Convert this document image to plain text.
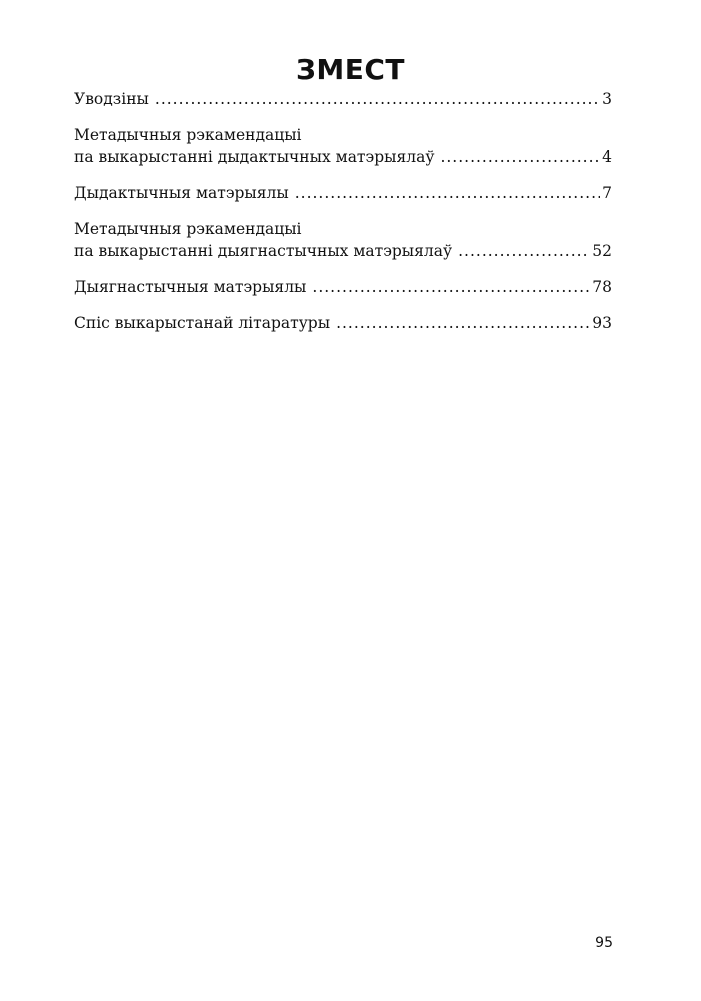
ЗМЕСТ
Уводзіны .....	3
Метадычныя рэкамендацыі
па выкарыстанні дыдактычных матэрыялаў .....	4
Дыдактычныя матэрыялы .....	7
Метадычныя рэкамендацыі
па выкарыстанні дыягнастычных матэрыялаў .....	52
Дыягнастычныя матэрыялы .....	78
Спіс выкарыстанай літаратуры .....	93
95
